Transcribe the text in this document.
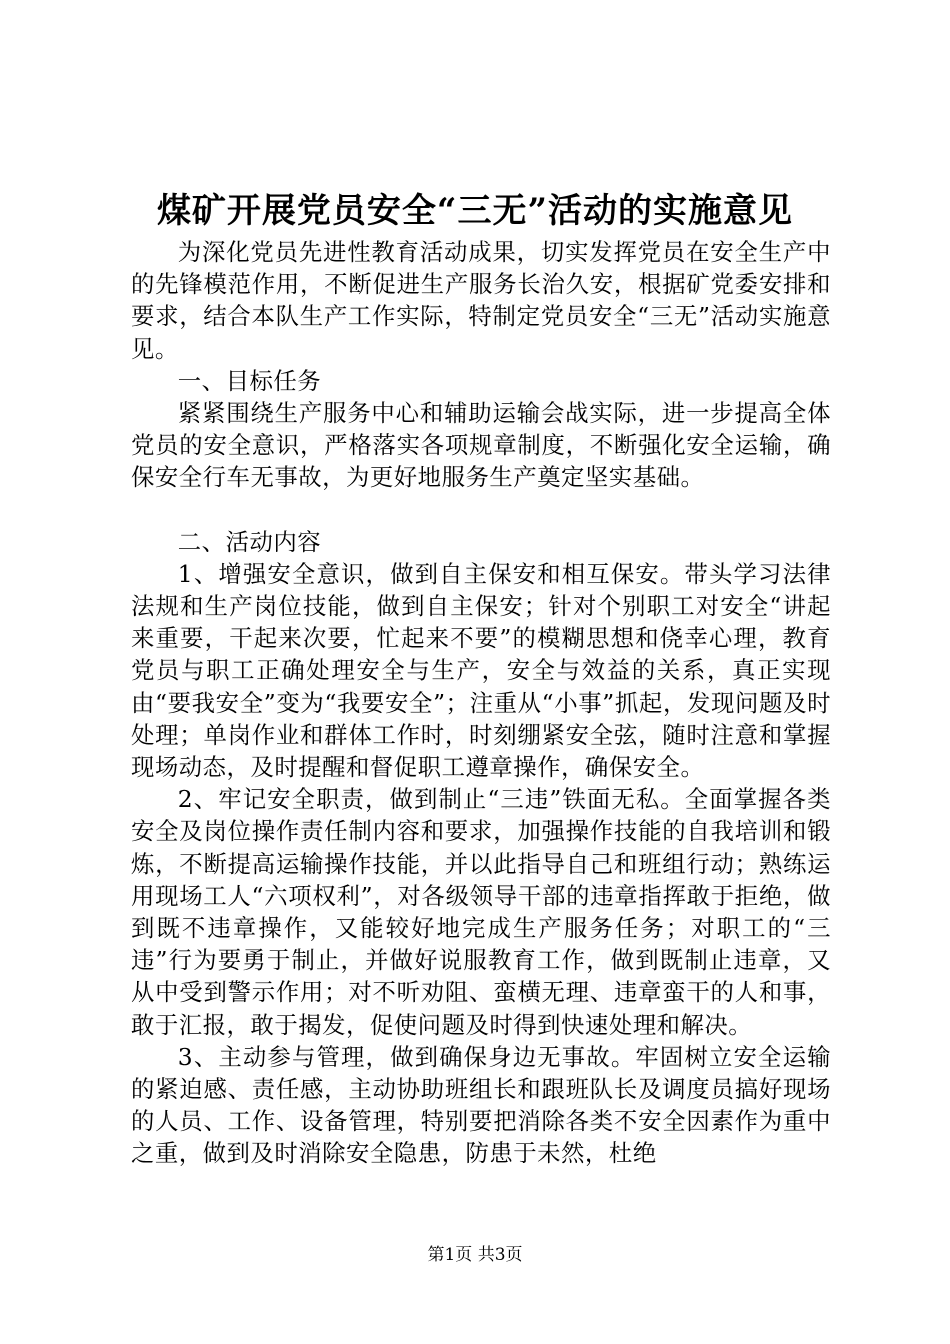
煤矿开展党员安全“三无”活动的实施意见

为深化党员先进性教育活动成果，切实发挥党员在安全生产中的先锋模范作用，不断促进生产服务长治久安，根据矿党委安排和要求，结合本队生产工作实际，特制定党员安全“三无”活动实施意见。

一、目标任务

紧紧围绕生产服务中心和辅助运输会战实际，进一步提高全体党员的安全意识，严格落实各项规章制度，不断强化安全运输，确保安全行车无事故，为更好地服务生产奠定坚实基础。

二、活动内容

1、增强安全意识，做到自主保安和相互保安。带头学习法律法规和生产岗位技能，做到自主保安；针对个别职工对安全“讲起来重要，干起来次要，忙起来不要”的模糊思想和侥幸心理，教育党员与职工正确处理安全与生产，安全与效益的关系，真正实现由“要我安全”变为“我要安全”；注重从“小事”抓起，发现问题及时处理；单岗作业和群体工作时，时刻绷紧安全弦，随时注意和掌握现场动态，及时提醒和督促职工遵章操作，确保安全。

2、牢记安全职责，做到制止“三违”铁面无私。全面掌握各类安全及岗位操作责任制内容和要求，加强操作技能的自我培训和锻炼，不断提高运输操作技能，并以此指导自己和班组行动；熟练运用现场工人“六项权利”，对各级领导干部的违章指挥敢于拒绝，做到既不违章操作，又能较好地完成生产服务任务；对职工的“三违”行为要勇于制止，并做好说服教育工作，做到既制止违章，又从中受到警示作用；对不听劝阻、蛮横无理、违章蛮干的人和事，敢于汇报，敢于揭发，促使问题及时得到快速处理和解决。

3、主动参与管理，做到确保身边无事故。牢固树立安全运输的紧迫感、责任感，主动协助班组长和跟班队长及调度员搞好现场的人员、工作、设备管理，特别要把消除各类不安全因素作为重中之重，做到及时消除安全隐患，防患于未然，杜绝

第1页 共3页
